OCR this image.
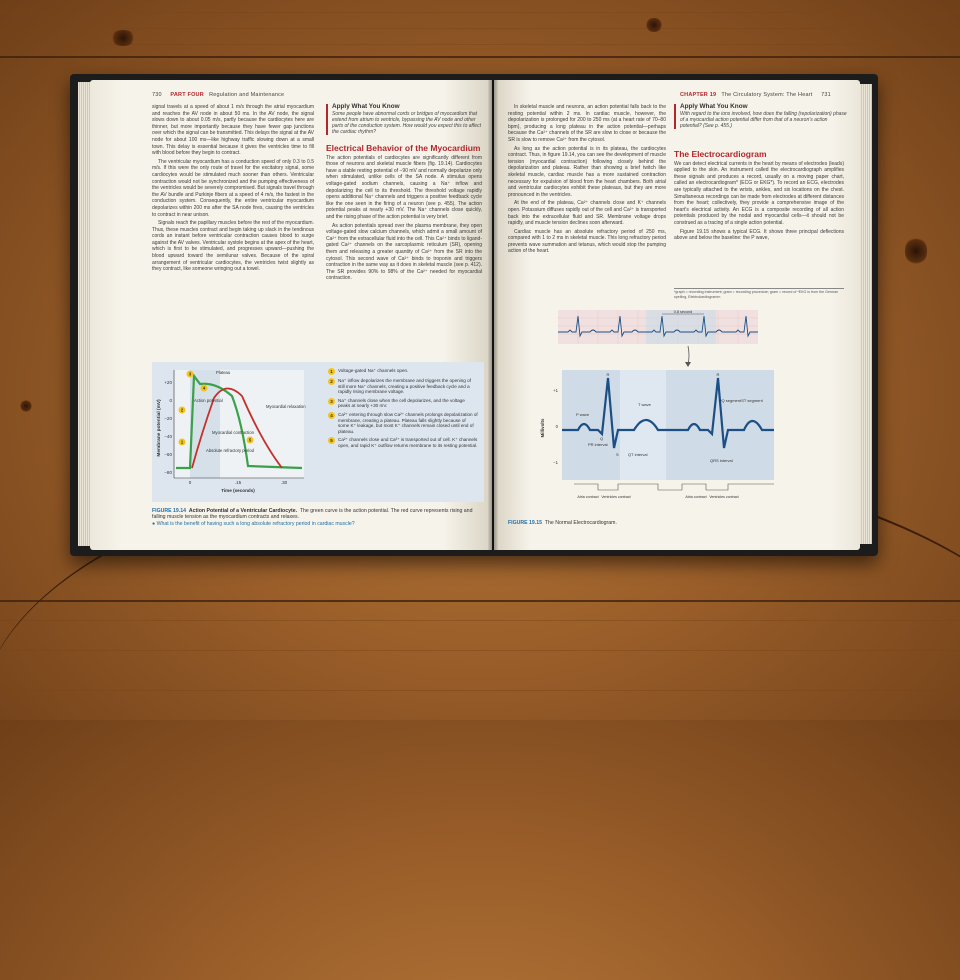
730 PART FOUR Regulation and Maintenance

signal travels at a speed of about 1 m/s through the atrial myocardium and reaches the AV node in about 50 ms. In the AV node, the signal slows down to about 0.05 m/s, partly because the cardiocytes here are thinner, but more importantly because they have fewer gap junctions over which the signal can be transmitted. This delays the signal at the AV node for about 100 ms—like highway traffic slowing down at a small town. This delay is essential because it gives the ventricles time to fill with blood before they begin to contract.

The ventricular myocardium has a conduction speed of only 0.3 to 0.5 m/s. If this were the only route of travel for the excitatory signal, some cardiocytes would be stimulated much sooner than others. Ventricular contraction would not be synchronized and the pumping effectiveness of the ventricles would be severely compromised. But signals travel through the AV bundle and Purkinje fibers at a speed of 4 m/s, the fastest in the conduction system. Consequently, the entire ventricular myocardium depolarizes within 200 ms after the SA node fires, causing the ventricles to contract in near unison.

Signals reach the papillary muscles before the rest of the myocardium. Thus, these muscles contract and begin taking up slack in the tendinous cords an instant before ventricular contraction causes blood to surge against the AV valves. Ventricular systole begins at the apex of the heart, which is first to be stimulated, and progresses upward—pushing the blood upward toward the semilunar valves. Because of the spiral arrangement of ventricular cardiocytes, the ventricles twist slightly as they contract, like someone wringing out a towel.

Apply What You Know
Some people have abnormal cords or bridges of myocardium that extend from atrium to ventricle, bypassing the AV node and other parts of the conduction system. How would you expect this to affect the cardiac rhythm?
Electrical Behavior of the Myocardium

The action potentials of cardiocytes are significantly different from those of neurons and skeletal muscle fibers (fig. 19.14). Cardiocytes have a stable resting potential of −90 mV and normally depolarize only when stimulated, unlike cells of the SA node. A stimulus opens voltage-gated sodium channels, causing a Na⁺ inflow and depolarizing the cell to its threshold. The threshold voltage rapidly opens additional Na⁺ channels and triggers a positive feedback cycle like the one seen in the firing of a neuron (see p. 455). The action potential peaks at nearly +30 mV. The Na⁺ channels close quickly, and the rising phase of the action potential is very brief.

As action potentials spread over the plasma membrane, they open voltage-gated slow calcium channels, which admit a small amount of Ca²⁺ from the extracellular fluid into the cell. This Ca²⁺ binds to ligand-gated Ca²⁺ channels on the sarcoplasmic reticulum (SR), opening them and releasing a greater quantity of Ca²⁺ from the SR into the cytosol. This second wave of Ca²⁺ binds to troponin and triggers contraction in the same way as it does in skeletal muscle (see p. 412). The SR provides 90% to 98% of the Ca²⁺ needed for myocardial contraction.

+20
0
−20
−40
−60
−80
0	.15	.30
Time (seconds)
Membrane potential (mV)
Plateau
Action potential
Myocardial relaxation
Myocardial contraction
Absolute refractory period
3
4
2
1	5
1	Voltage-gated Na⁺ channels open.
2	Na⁺ inflow depolarizes the membrane and triggers the opening of still more Na⁺ channels, creating a positive feedback cycle and a rapidly rising membrane voltage.
3	Na⁺ channels close when the cell depolarizes, and the voltage peaks at nearly +30 mV.
4	Ca²⁺ entering through slow Ca²⁺ channels prolongs depolarization of membrane, creating a plateau. Plateau falls slightly because of some K⁺ leakage, but most K⁺ channels remain closed until end of plateau.
5	Ca²⁺ channels close and Ca²⁺ is transported out of cell. K⁺ channels open, and rapid K⁺ outflow returns membrane to its resting potential.
FIGURE 19.14 Action Potential of a Ventricular Cardiocyte. The green curve is the action potential. The red curve represents rising and falling muscle tension as the myocardium contracts and relaxes.
● What is the benefit of having such a long absolute refractory period in cardiac muscle?
CHAPTER 19 The Circulatory System: The Heart 731

In skeletal muscle and neurons, an action potential falls back to the resting potential within 2 ms. In cardiac muscle, however, the depolarization is prolonged for 200 to 250 ms (at a heart rate of 70–80 bpm), producing a long plateau in the action potential—perhaps because the Ca²⁺ channels of the SR are slow to close or because the SR is slow to remove Ca²⁺ from the cytosol.

As long as the action potential is in its plateau, the cardiocytes contract. Thus, in figure 19.14, you can see the development of muscle tension (myocardial contraction) following closely behind the depolarization and plateau. Rather than showing a brief twitch like skeletal muscle, cardiac muscle has a more sustained contraction necessary for expulsion of blood from the heart chambers. Both atrial and ventricular cardiocytes exhibit these plateaus, but they are more pronounced in the ventricles.

At the end of the plateau, Ca²⁺ channels close and K⁺ channels open. Potassium diffuses rapidly out of the cell and Ca²⁺ is transported back into the extracellular fluid and SR. Membrane voltage drops rapidly, and muscle tension declines soon afterward.

Cardiac muscle has an absolute refractory period of 250 ms, compared with 1 to 2 ms in skeletal muscle. This long refractory period prevents wave summation and tetanus, which would stop the pumping action of the heart.

Apply What You Know
With regard to the ions involved, how does the falling (repolarization) phase of a myocardial action potential differ from that of a neuron's action potential? (See p. 455.)
The Electrocardiogram

We can detect electrical currents in the heart by means of electrodes (leads) applied to the skin. An instrument called the electrocardiograph amplifies these signals and produces a record, usually on a moving paper chart, called an electrocardiogram* (ECG or EKG*). To record an ECG, electrodes are typically attached to the wrists, ankles, and six locations on the chest. Simultaneous recordings can be made from electrodes at different distances from the heart; collectively, they provide a comprehensive image of the heart's electrical activity. An ECG is a composite recording of all action potentials produced by the nodal and myocardial cells—it should not be construed as a tracing of a single action potential.

Figure 19.15 shows a typical ECG. It shows three principal deflections above and below the baseline: the P wave,

*graph = recording instrument; gram = recording procedure; gram = record of *EKG is from the German spelling, Elektrokardiogramm
0.8 second
+1
0
−1
Millivolts
R	R
P wave
T wave
PQ segment ST segment
PR interval
QT interval
QRS interval
Q
S
Atria contract Ventricles contract	Atria contract Ventricles contract
FIGURE 19.15 The Normal Electrocardiogram.
